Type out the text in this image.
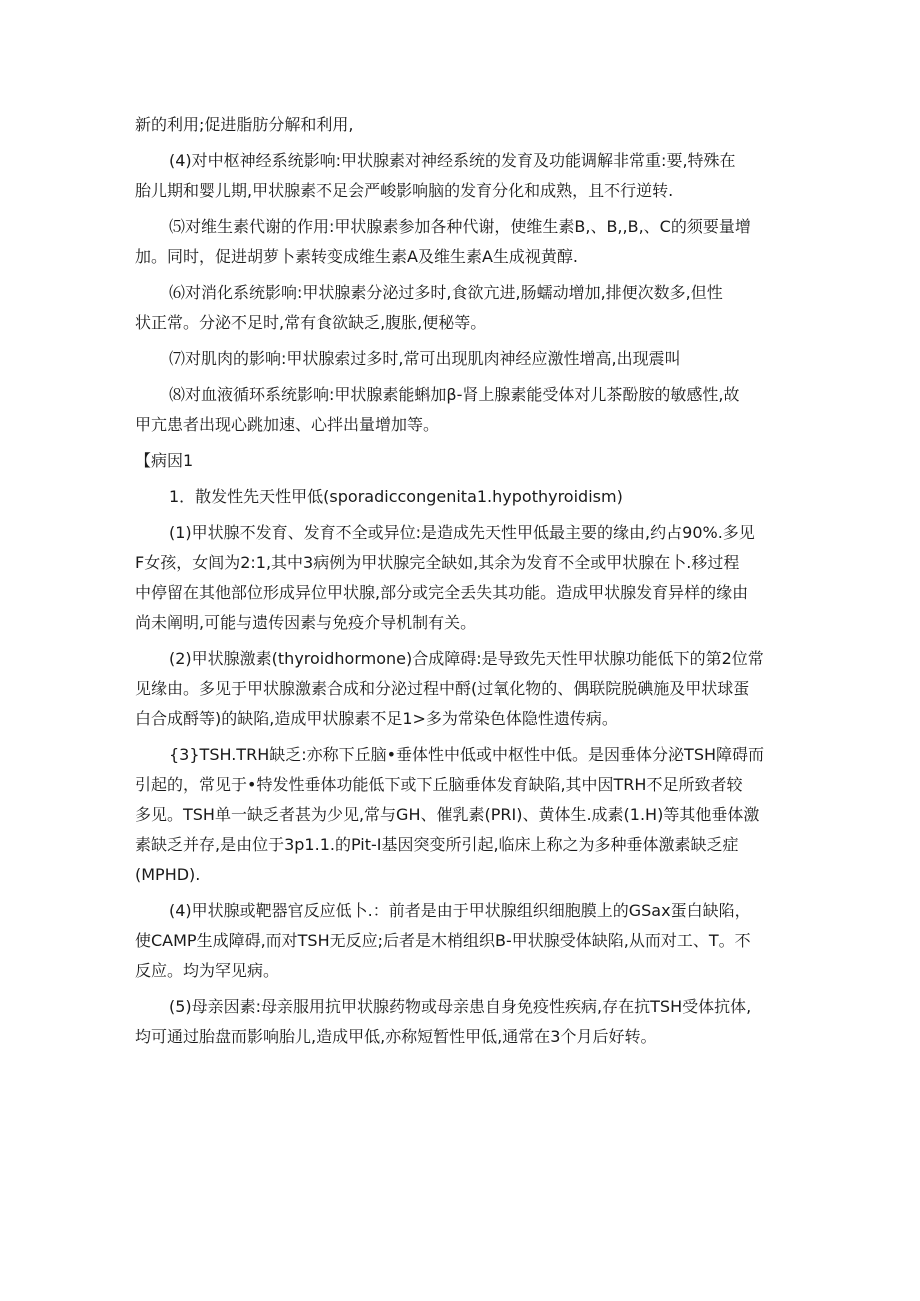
新的利用;促进脂肪分解和利用,
(4)对中枢神经系统影响:甲状腺素对神经系统的发育及功能调解非常重:要,特殊在
胎儿期和婴儿期,甲状腺素不足会严峻影响脑的发育分化和成熟，且不行逆转.
⑸对维生素代谢的作用:甲状腺素参加各种代谢，使维生素B,、B,,B,、C的须要量增
加。同时，促进胡萝卜素转变成维生素A及维生素A生成视黄醇.
⑹对消化系统影响:甲状腺素分泌过多时,食欲亢进,肠蠕动增加,排便次数多,但性
状正常。分泌不足时,常有食欲缺乏,腹胀,便秘等。
⑺对肌肉的影响:甲状腺索过多时,常可出现肌肉神经应激性增高,出现震叫
⑻对血液循环系统影响:甲状腺素能蝌加β-肾上腺素能受体对儿茶酚胺的敏感性,故
甲亢患者出现心跳加速、心拌出量增加等。
【病因1
1．散发性先天性甲低(sporadiccongenita1.hypothyroidism)
(1)甲状腺不发育、发育不全或异位:是造成先天性甲低最主要的缘由,约占90%.多见
F女孩，女闾为2:1,其中3病例为甲状腺完全缺如,其余为发育不全或甲状腺在卜.移过程
中停留在其他部位形成异位甲状腺,部分或完全丢失其功能。造成甲状腺发育异样的缘由
尚未阐明,可能与遗传因素与免疫介导机制有关。
(2)甲状腺激素(thyroidhormone)合成障碍:是导致先天性甲状腺功能低下的第2位常
见缘由。多见于甲状腺激素合成和分泌过程中酹(过氧化物的、偶联院脱碘施及甲状球蛋
白合成酹等)的缺陷,造成甲状腺素不足1>多为常染色体隐性遗传病。
{3}TSH.TRH缺乏:亦称下丘脑•垂体性中低或中枢性中低。是因垂体分泌TSH障碍而
引起的，常见于•特发性垂体功能低下或下丘脑垂体发育缺陷,其中因TRH不足所致者较
多见。TSH单一缺乏者甚为少见,常与GH、催乳素(PRI)、黄体生.成素(1.H)等其他垂体激
素缺乏并存,是由位于3p1.1.的Pit-I基因突变所引起,临床上称之为多种垂体激素缺乏症
(MPHD).
(4)甲状腺或靶器官反应低卜.：前者是由于甲状腺组织细胞膜上的GSax蛋白缺陷，
使CAMP生成障碍,而对TSH无反应;后者是木梢组织B-甲状腺受体缺陷,从而对工、T。不
反应。均为罕见病。
(5)母亲因素:母亲服用抗甲状腺药物或母亲患自身免疫性疾病,存在抗TSH受体抗体,
均可通过胎盘而影响胎儿,造成甲低,亦称短暂性甲低,通常在3个月后好转。
